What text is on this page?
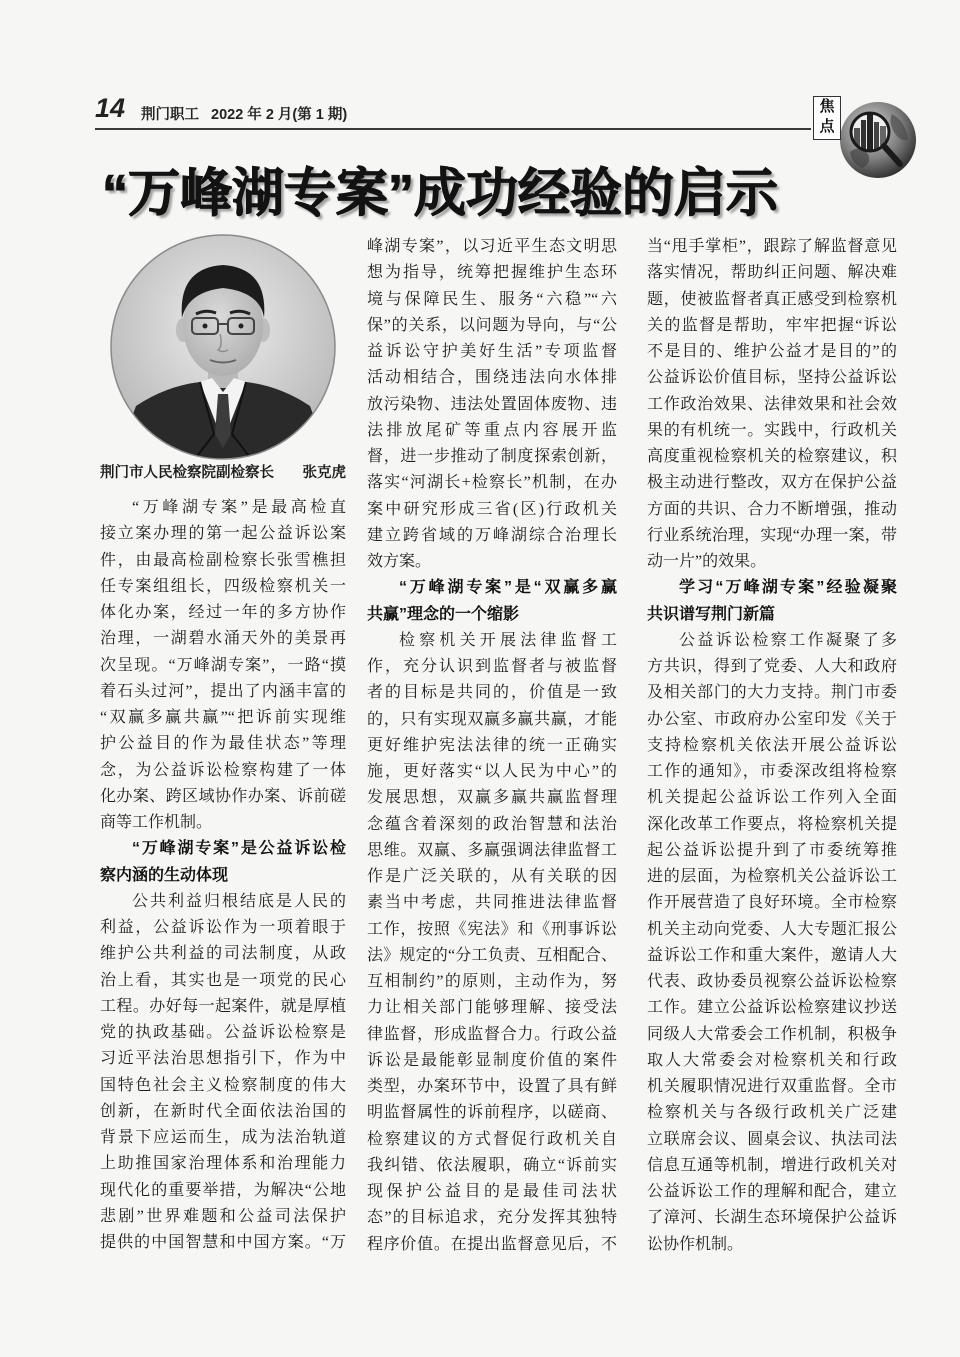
14 荆门职工 2022 年 2 月(第 1 期)	焦
点
“万峰湖专案”成功经验的启示
荆门市人民检察院副检察长 张克虎
“万峰湖专案”是最高检直
接立案办理的第一起公益诉讼案
件，由最高检副检察长张雪樵担
任专案组组长，四级检察机关一
体化办案，经过一年的多方协作
治理，一湖碧水涌天外的美景再
次呈现。“万峰湖专案”，一路“摸
着石头过河”，提出了内涵丰富的
“双赢多赢共赢”“把诉前实现维
护公益目的作为最佳状态”等理
念，为公益诉讼检察构建了一体
化办案、跨区域协作办案、诉前磋
商等工作机制。
“万峰湖专案”是公益诉讼检
察内涵的生动体现
公共利益归根结底是人民的
利益，公益诉讼作为一项着眼于
维护公共利益的司法制度，从政
治上看，其实也是一项党的民心
工程。办好每一起案件，就是厚植
党的执政基础。公益诉讼检察是
习近平法治思想指引下，作为中
国特色社会主义检察制度的伟大
创新，在新时代全面依法治国的
背景下应运而生，成为法治轨道
上助推国家治理体系和治理能力
现代化的重要举措，为解决“公地
悲剧”世界难题和公益司法保护
提供的中国智慧和中国方案。“万
峰湖专案”，以习近平生态文明思
想为指导，统筹把握维护生态环
境与保障民生、服务“六稳”“六
保”的关系，以问题为导向，与“公
益诉讼守护美好生活”专项监督
活动相结合，围绕违法向水体排
放污染物、违法处置固体废物、违
法排放尾矿等重点内容展开监
督，进一步推动了制度探索创新，
落实“河湖长+检察长”机制，在办
案中研究形成三省(区)行政机关
建立跨省域的万峰湖综合治理长
效方案。
“万峰湖专案”是“双赢多赢
共赢”理念的一个缩影
检察机关开展法律监督工
作，充分认识到监督者与被监督
者的目标是共同的，价值是一致
的，只有实现双赢多赢共赢，才能
更好维护宪法法律的统一正确实
施，更好落实“以人民为中心”的
发展思想，双赢多赢共赢监督理
念蕴含着深刻的政治智慧和法治
思维。双赢、多赢强调法律监督工
作是广泛关联的，从有关联的因
素当中考虑，共同推进法律监督
工作，按照《宪法》和《刑事诉讼
法》规定的“分工负责、互相配合、
互相制约”的原则，主动作为，努
力让相关部门能够理解、接受法
律监督，形成监督合力。行政公益
诉讼是最能彰显制度价值的案件
类型，办案环节中，设置了具有鲜
明监督属性的诉前程序，以磋商、
检察建议的方式督促行政机关自
我纠错、依法履职，确立“诉前实
现保护公益目的是最佳司法状
态”的目标追求，充分发挥其独特
程序价值。在提出监督意见后，不
当“甩手掌柜”，跟踪了解监督意见
落实情况，帮助纠正问题、解决难
题，使被监督者真正感受到检察机
关的监督是帮助，牢牢把握“诉讼
不是目的、维护公益才是目的”的
公益诉讼价值目标，坚持公益诉讼
工作政治效果、法律效果和社会效
果的有机统一。实践中，行政机关
高度重视检察机关的检察建议，积
极主动进行整改，双方在保护公益
方面的共识、合力不断增强，推动
行业系统治理，实现“办理一案，带
动一片”的效果。
学习“万峰湖专案”经验凝聚
共识谱写荆门新篇
公益诉讼检察工作凝聚了多
方共识，得到了党委、人大和政府
及相关部门的大力支持。荆门市委
办公室、市政府办公室印发《关于
支持检察机关依法开展公益诉讼
工作的通知》，市委深改组将检察
机关提起公益诉讼工作列入全面
深化改革工作要点，将检察机关提
起公益诉讼提升到了市委统筹推
进的层面，为检察机关公益诉讼工
作开展营造了良好环境。全市检察
机关主动向党委、人大专题汇报公
益诉讼工作和重大案件，邀请人大
代表、政协委员视察公益诉讼检察
工作。建立公益诉讼检察建议抄送
同级人大常委会工作机制，积极争
取人大常委会对检察机关和行政
机关履职情况进行双重监督。全市
检察机关与各级行政机关广泛建
立联席会议、圆桌会议、执法司法
信息互通等机制，增进行政机关对
公益诉讼工作的理解和配合，建立
了漳河、长湖生态环境保护公益诉
讼协作机制。
